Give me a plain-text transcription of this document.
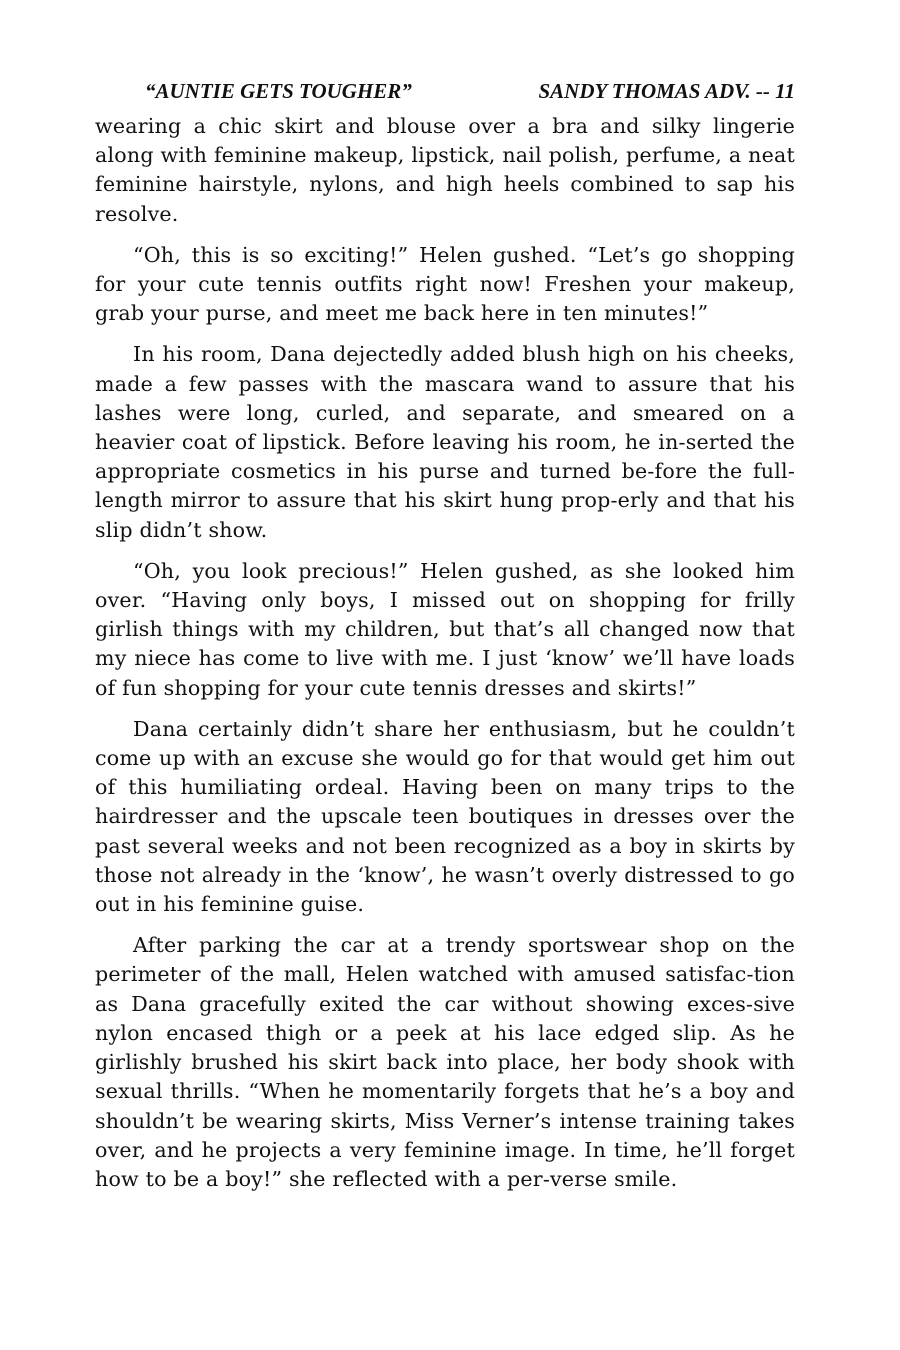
“AUNTIE GETS TOUGHER”	SANDY THOMAS ADV. -- 11

wearing a chic skirt and blouse over a bra and silky lingerie along with feminine makeup, lipstick, nail polish, perfume, a neat feminine hairstyle, nylons, and high heels combined to sap his resolve.

“Oh, this is so exciting!” Helen gushed. “Let’s go shopping for your cute tennis outfits right now! Freshen your makeup, grab your purse, and meet me back here in ten minutes!”

In his room, Dana dejectedly added blush high on his cheeks, made a few passes with the mascara wand to assure that his lashes were long, curled, and separate, and smeared on a heavier coat of lipstick. Before leaving his room, he in-serted the appropriate cosmetics in his purse and turned be-fore the full-length mirror to assure that his skirt hung prop-erly and that his slip didn’t show.

“Oh, you look precious!” Helen gushed, as she looked him over. “Having only boys, I missed out on shopping for frilly girlish things with my children, but that’s all changed now that my niece has come to live with me. I just ‘know’ we’ll have loads of fun shopping for your cute tennis dresses and skirts!”

Dana certainly didn’t share her enthusiasm, but he couldn’t come up with an excuse she would go for that would get him out of this humiliating ordeal. Having been on many trips to the hairdresser and the upscale teen boutiques in dresses over the past several weeks and not been recognized as a boy in skirts by those not already in the ‘know’, he wasn’t overly distressed to go out in his feminine guise.

After parking the car at a trendy sportswear shop on the perimeter of the mall, Helen watched with amused satisfac-tion as Dana gracefully exited the car without showing exces-sive nylon encased thigh or a peek at his lace edged slip. As he girlishly brushed his skirt back into place, her body shook with sexual thrills. “When he momentarily forgets that he’s a boy and shouldn’t be wearing skirts, Miss Verner’s intense training takes over, and he projects a very feminine image. In time, he’ll forget how to be a boy!” she reflected with a per-verse smile.
